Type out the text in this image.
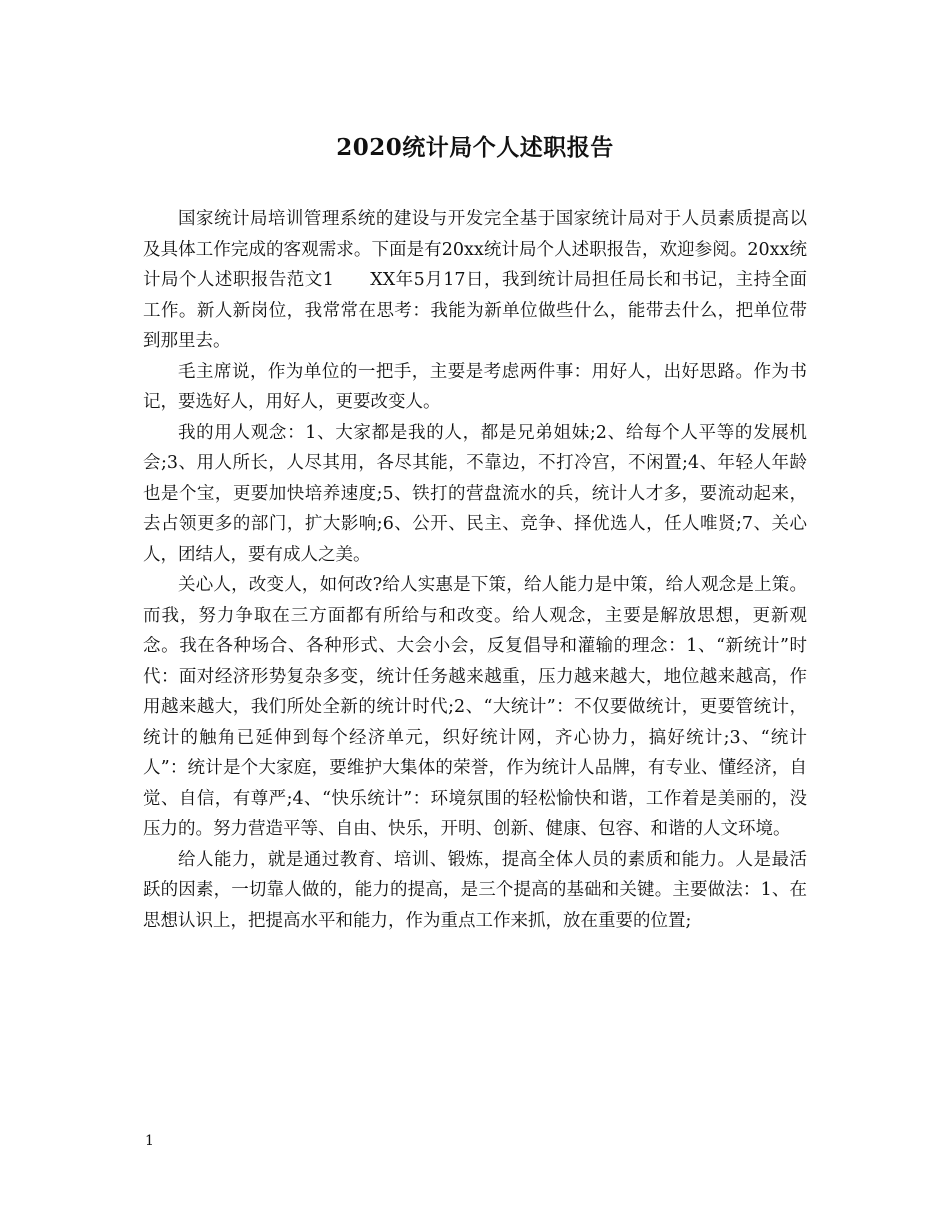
2020统计局个人述职报告

国家统计局培训管理系统的建设与开发完全基于国家统计局对于人员素质提高以及具体工作完成的客观需求。下面是有20xx统计局个人述职报告，欢迎参阅。20xx统计局个人述职报告范文1　　XX年5月17日，我到统计局担任局长和书记，主持全面工作。新人新岗位，我常常在思考：我能为新单位做些什么，能带去什么，把单位带到那里去。

毛主席说，作为单位的一把手，主要是考虑两件事：用好人，出好思路。作为书记，要选好人，用好人，更要改变人。

我的用人观念：1、大家都是我的人，都是兄弟姐妹;2、给每个人平等的发展机会;3、用人所长，人尽其用，各尽其能，不靠边，不打冷宫，不闲置;4、年轻人年龄也是个宝，更要加快培养速度;5、铁打的营盘流水的兵，统计人才多，要流动起来，去占领更多的部门，扩大影响;6、公开、民主、竞争、择优选人，任人唯贤;7、关心人，团结人，要有成人之美。

关心人，改变人，如何改?给人实惠是下策，给人能力是中策，给人观念是上策。而我，努力争取在三方面都有所给与和改变。给人观念，主要是解放思想，更新观念。我在各种场合、各种形式、大会小会，反复倡导和灌输的理念：1、“新统计”时代：面对经济形势复杂多变，统计任务越来越重，压力越来越大，地位越来越高，作用越来越大，我们所处全新的统计时代;2、“大统计”：不仅要做统计，更要管统计，统计的触角已延伸到每个经济单元，织好统计网，齐心协力，搞好统计;3、“统计人”：统计是个大家庭，要维护大集体的荣誉，作为统计人品牌，有专业、懂经济，自觉、自信，有尊严;4、“快乐统计”：环境氛围的轻松愉快和谐，工作着是美丽的，没压力的。努力营造平等、自由、快乐，开明、创新、健康、包容、和谐的人文环境。

给人能力，就是通过教育、培训、锻炼，提高全体人员的素质和能力。人是最活跃的因素，一切靠人做的，能力的提高，是三个提高的基础和关键。主要做法：1、在思想认识上，把提高水平和能力，作为重点工作来抓，放在重要的位置;

1
